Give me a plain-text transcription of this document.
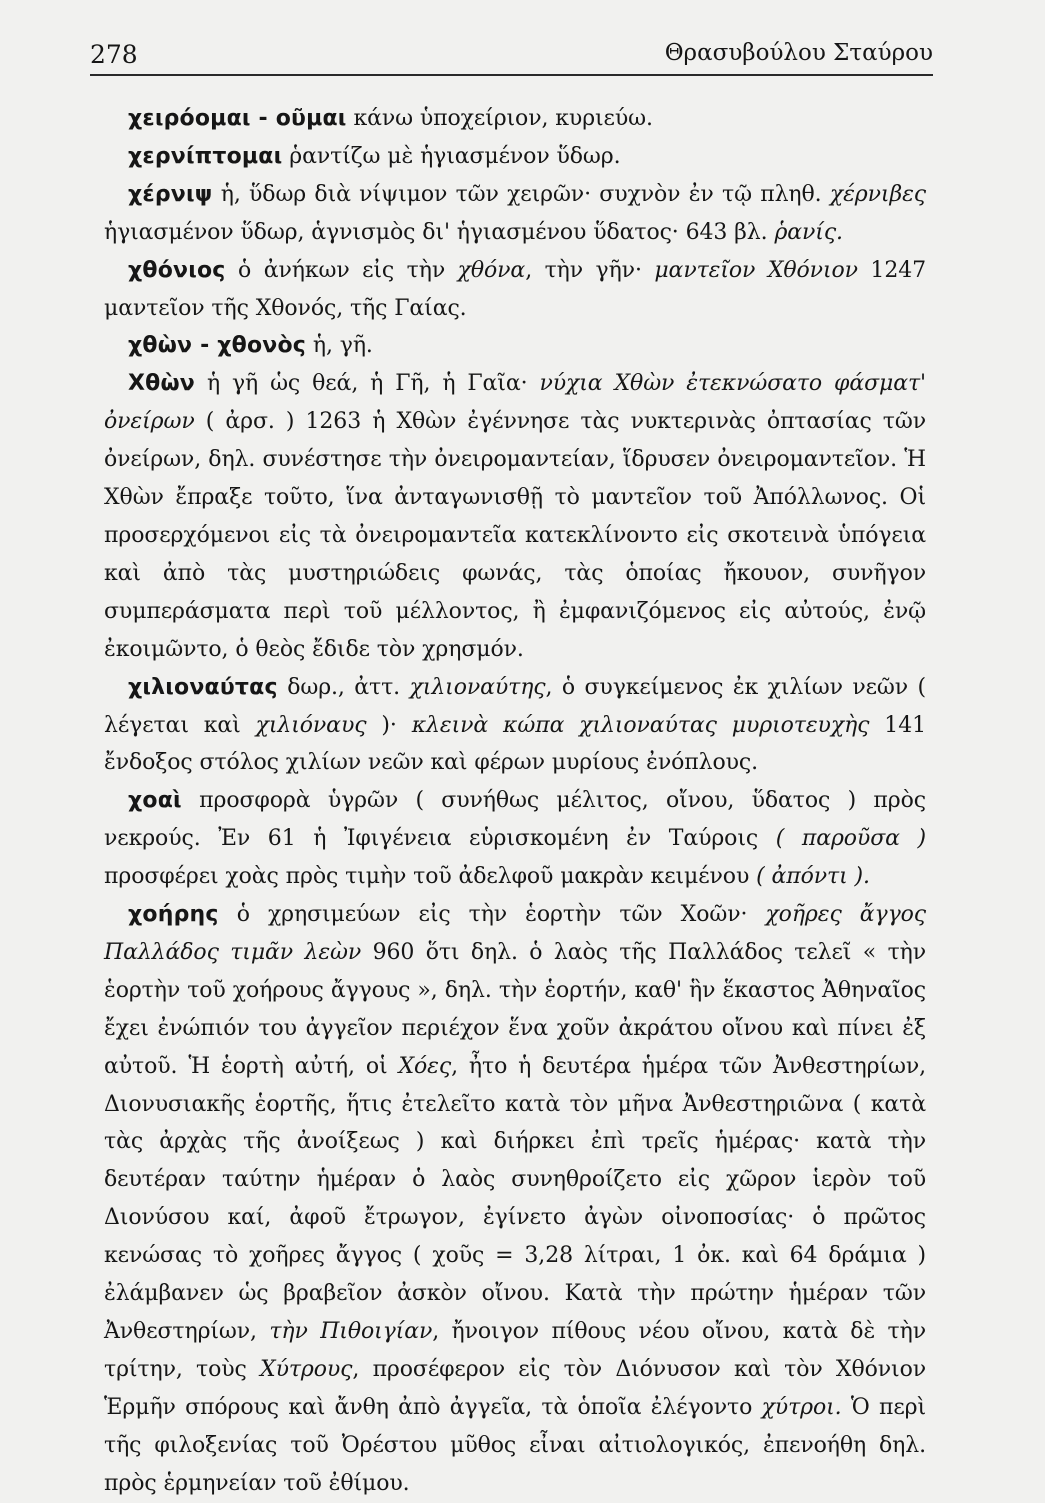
278	Θρασυβούλου Σταύρου

χειρόομαι - οῦμαι κάνω ὑποχείριον, κυριεύω.

χερνίπτομαι ῥαντίζω μὲ ἡγιασμένον ὕδωρ.

χέρνιψ ἡ, ὕδωρ διὰ νίψιμον τῶν χειρῶν· συχνὸν ἐν τῷ πληθ. χέρνιβες ἡγιασμένον ὕδωρ, ἁγνισμὸς δι' ἡγιασμένου ὕδατος· 643 βλ. ῥανίς.

χθόνιος ὁ ἀνήκων εἰς τὴν χθόνα, τὴν γῆν· μαντεῖον Χθόνιον 1247 μαντεῖον τῆς Χθονός, τῆς Γαίας.

χθὼν - χθονὸς ἡ, γῆ.

Χθὼν ἡ γῆ ὡς θεά, ἡ Γῆ, ἡ Γαῖα· νύχια Χθὼν ἐτεκνώσατο φάσματ' ὀνείρων ( ἀρσ. ) 1263 ἡ Χθὼν ἐγέννησε τὰς νυκτερινὰς ὀπτασίας τῶν ὀνείρων, δηλ. συνέστησε τὴν ὀνειρομαντείαν, ἵδρυσεν ὀνειρομαντεῖον. Ἡ Χθὼν ἔπραξε τοῦτο, ἵνα ἀνταγωνισθῇ τὸ μαντεῖον τοῦ Ἀπόλλωνος. Οἱ προσερχόμενοι εἰς τὰ ὀνειρομαντεῖα κατεκλίνοντο εἰς σκοτεινὰ ὑπόγεια καὶ ἀπὸ τὰς μυστηριώδεις φωνάς, τὰς ὁποίας ἤκουον, συνῆγον συμπεράσματα περὶ τοῦ μέλλοντος, ἢ ἐμφανιζόμενος εἰς αὐτούς, ἐνῷ ἐκοιμῶντο, ὁ θεὸς ἔδιδε τὸν χρησμόν.

χιλιοναύτας δωρ., ἀττ. χιλιοναύτης, ὁ συγκείμενος ἐκ χιλίων νεῶν ( λέγεται καὶ χιλιόναυς )· κλεινὰ κώπα χιλιοναύτας μυριοτευχὴς 141 ἔνδοξος στόλος χιλίων νεῶν καὶ φέρων μυρίους ἐνόπλους.

χοαὶ προσφορὰ ὑγρῶν ( συνήθως μέλιτος, οἴνου, ὕδατος ) πρὸς νεκρούς. Ἐν 61 ἡ Ἰφιγένεια εὑρισκομένη ἐν Ταύροις ( παροῦσα ) προσφέρει χοὰς πρὸς τιμὴν τοῦ ἀδελφοῦ μακρὰν κειμένου ( ἀπόντι ).

χοήρης ὁ χρησιμεύων εἰς τὴν ἑορτὴν τῶν Χοῶν· χοῆρες ἄγγος Παλλάδος τιμᾶν λεὼν 960 ὅτι δηλ. ὁ λαὸς τῆς Παλλάδος τελεῖ « τὴν ἑορτὴν τοῦ χοήρους ἄγγους », δηλ. τὴν ἑορτήν, καθ' ἣν ἕκαστος Ἀθηναῖος ἔχει ἐνώπιόν του ἀγγεῖον περιέχον ἕνα χοῦν ἀκράτου οἴνου καὶ πίνει ἐξ αὐτοῦ. Ἡ ἑορτὴ αὐτή, οἱ Χόες, ἦτο ἡ δευτέρα ἡμέρα τῶν Ἀνθεστηρίων, Διονυσιακῆς ἑορτῆς, ἥτις ἐτελεῖτο κατὰ τὸν μῆνα Ἀνθεστηριῶνα ( κατὰ τὰς ἀρχὰς τῆς ἀνοίξεως ) καὶ διήρκει ἐπὶ τρεῖς ἡμέρας· κατὰ τὴν δευτέραν ταύτην ἡμέραν ὁ λαὸς συνηθροίζετο εἰς χῶρον ἱερὸν τοῦ Διονύσου καί, ἀφοῦ ἔτρωγον, ἐγίνετο ἀγὼν οἰνοποσίας· ὁ πρῶτος κενώσας τὸ χοῆρες ἄγγος ( χοῦς = 3,28 λίτραι, 1 ὀκ. καὶ 64 δράμια ) ἐλάμβανεν ὡς βραβεῖον ἀσκὸν οἴνου. Κατὰ τὴν πρώτην ἡμέραν τῶν Ἀνθεστηρίων, τὴν Πιθοιγίαν, ἤνοιγον πίθους νέου οἴνου, κατὰ δὲ τὴν τρίτην, τοὺς Χύτρους, προσέφερον εἰς τὸν Διόνυσον καὶ τὸν Χθόνιον Ἑρμῆν σπόρους καὶ ἄνθη ἀπὸ ἀγγεῖα, τὰ ὁποῖα ἐλέγοντο χύτροι. Ὁ περὶ τῆς φιλοξενίας τοῦ Ὀρέστου μῦθος εἶναι αἰτιολογικός, ἐπενοήθη δηλ. πρὸς ἑρμηνείαν τοῦ ἐθίμου.
